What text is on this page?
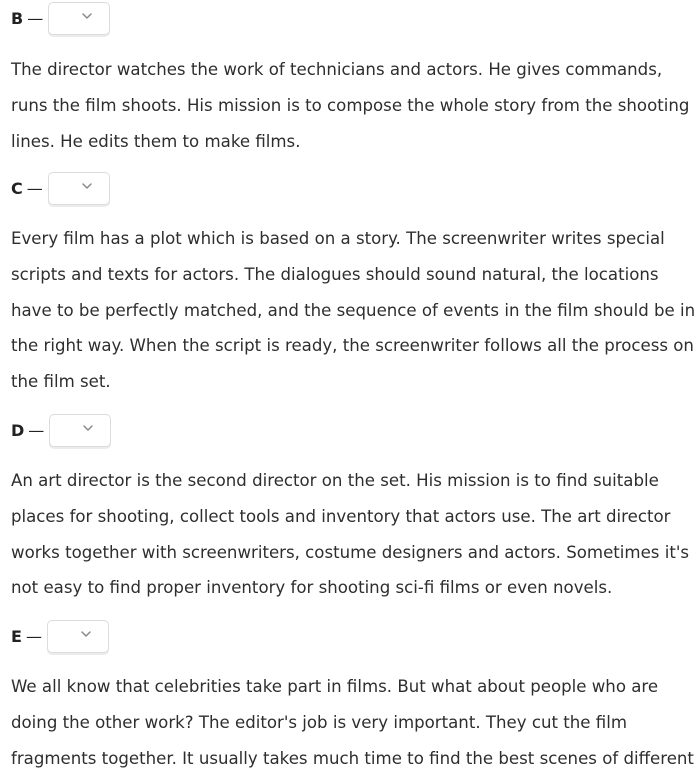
B —

The director watches the work of technicians and actors. He gives commands,
runs the film shoots. His mission is to compose the whole story from the shooting
lines. He edits them to make films.

C —

Every film has a plot which is based on a story. The screenwriter writes special
scripts and texts for actors. The dialogues should sound natural, the locations
have to be perfectly matched, and the sequence of events in the film should be in
the right way. When the script is ready, the screenwriter follows all the process on
the film set.

D —

An art director is the second director on the set. His mission is to find suitable
places for shooting, collect tools and inventory that actors use. The art director
works together with screenwriters, costume designers and actors. Sometimes it's
not easy to find proper inventory for shooting sci-fi films or even novels.

E —

We all know that celebrities take part in films. But what about people who are
doing the other work? The editor's job is very important. They cut the film
fragments together. It usually takes much time to find the best scenes of different
